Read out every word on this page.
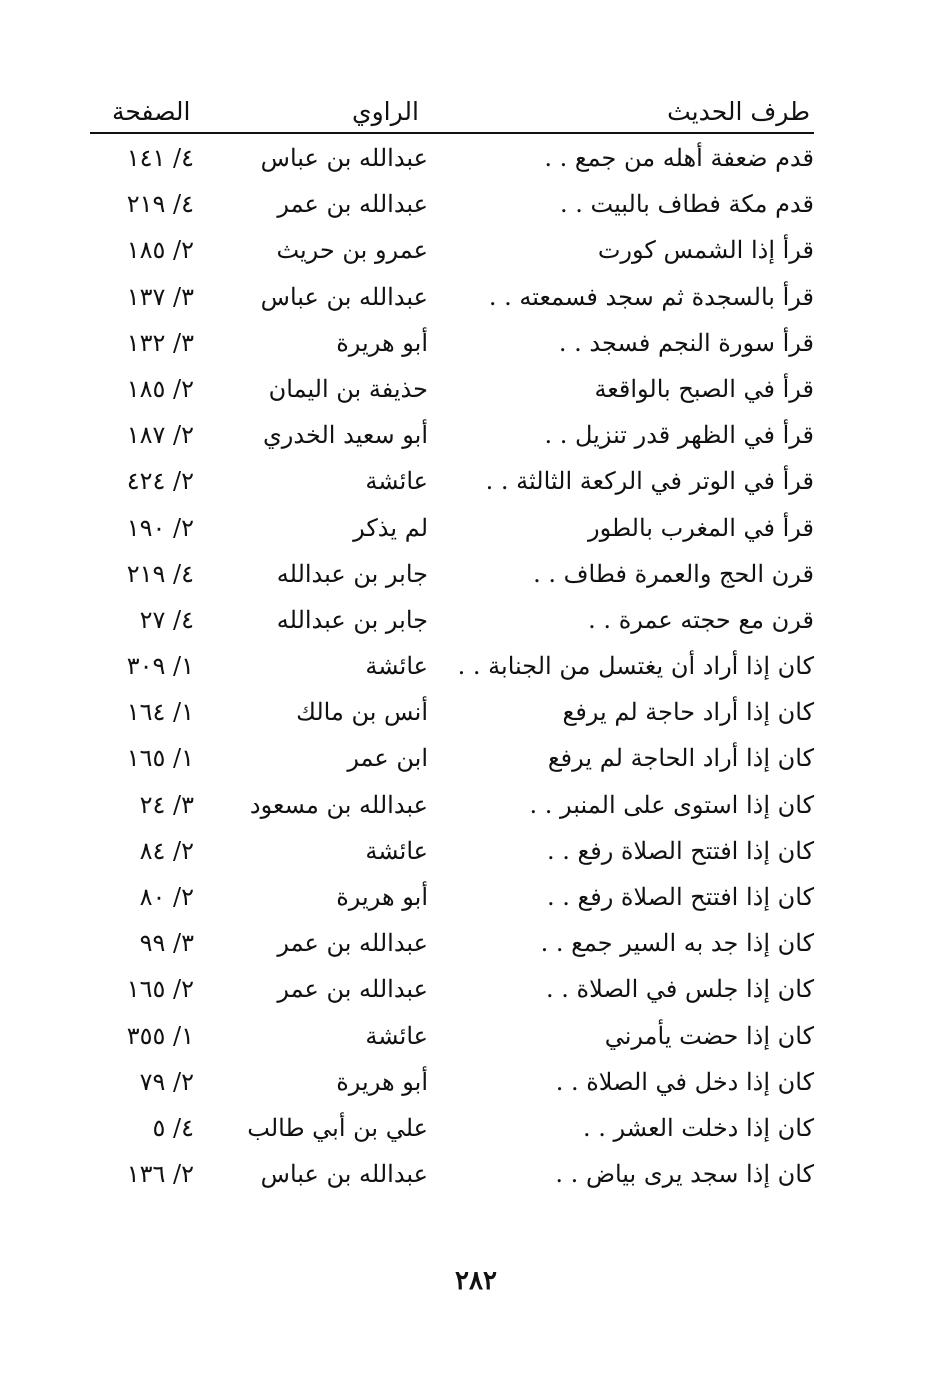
طرف الحديث
الراوي
الصفحة
قدم ضعفة أهله من جمع . .
عبدالله بن عباس
٤/ ١٤١
قدم مكة فطاف بالبيت . .
عبدالله بن عمر
٤/ ٢١٩
قرأ إذا الشمس كورت
عمرو بن حريث
٢/ ١٨٥
قرأ بالسجدة ثم سجد فسمعته . .
عبدالله بن عباس
٣/ ١٣٧
قرأ سورة النجم فسجد . .
أبو هريرة
٣/ ١٣٢
قرأ في الصبح بالواقعة
حذيفة بن اليمان
٢/ ١٨٥
قرأ في الظهر قدر تنزيل . .
أبو سعيد الخدري
٢/ ١٨٧
قرأ في الوتر في الركعة الثالثة . .
عائشة
٢/ ٤٢٤
قرأ في المغرب بالطور
لم يذكر
٢/ ١٩٠
قرن الحج والعمرة فطاف . .
جابر بن عبدالله
٤/ ٢١٩
قرن مع حجته عمرة . .
جابر بن عبدالله
٤/ ٢٧
كان إذا أراد أن يغتسل من الجنابة . .
عائشة
١/ ٣٠٩
كان إذا أراد حاجة لم يرفع
أنس بن مالك
١/ ١٦٤
كان إذا أراد الحاجة لم يرفع
ابن عمر
١/ ١٦٥
كان إذا استوى على المنبر . .
عبدالله بن مسعود
٣/ ٢٤
كان إذا افتتح الصلاة رفع . .
عائشة
٢/ ٨٤
كان إذا افتتح الصلاة رفع . .
أبو هريرة
٢/ ٨٠
كان إذا جد به السير جمع . .
عبدالله بن عمر
٣/ ٩٩
كان إذا جلس في الصلاة . .
عبدالله بن عمر
٢/ ١٦٥
كان إذا حضت يأمرني
عائشة
١/ ٣٥٥
كان إذا دخل في الصلاة . .
أبو هريرة
٢/ ٧٩
كان إذا دخلت العشر . .
علي بن أبي طالب
٤/ ٥
كان إذا سجد يرى بياض . .
عبدالله بن عباس
٢/ ١٣٦
٢٨٢
